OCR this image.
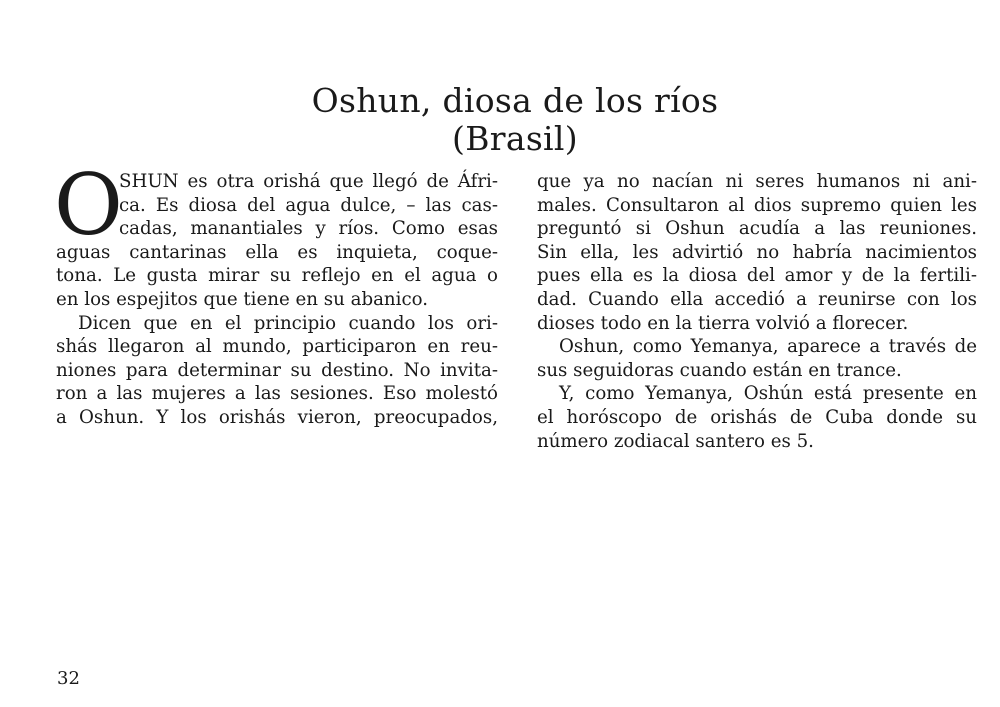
Oshun, diosa de los ríos
(Brasil)
O
SHUN es otra orishá que llegó de Áfri-
ca. Es diosa del agua dulce, – las cas-
cadas, manantiales y ríos. Como esas
aguas cantarinas ella es inquieta, coque-
tona. Le gusta mirar su reflejo en el agua o
en los espejitos que tiene en su abanico.
Dicen que en el principio cuando los ori-
shás llegaron al mundo, participaron en reu-
niones para determinar su destino. No invita-
ron a las mujeres a las sesiones. Eso molestó
a Oshun. Y los orishás vieron, preocupados,
que ya no nacían ni seres humanos ni ani-
males. Consultaron al dios supremo quien les
preguntó si Oshun acudía a las reuniones.
Sin ella, les advirtió no habría nacimientos
pues ella es la diosa del amor y de la fertili-
dad. Cuando ella accedió a reunirse con los
dioses todo en la tierra volvió a florecer.
Oshun, como Yemanya, aparece a través de
sus seguidoras cuando están en trance.
Y, como Yemanya, Oshún está presente en
el horóscopo de orishás de Cuba donde su
número zodiacal santero es 5.
32
